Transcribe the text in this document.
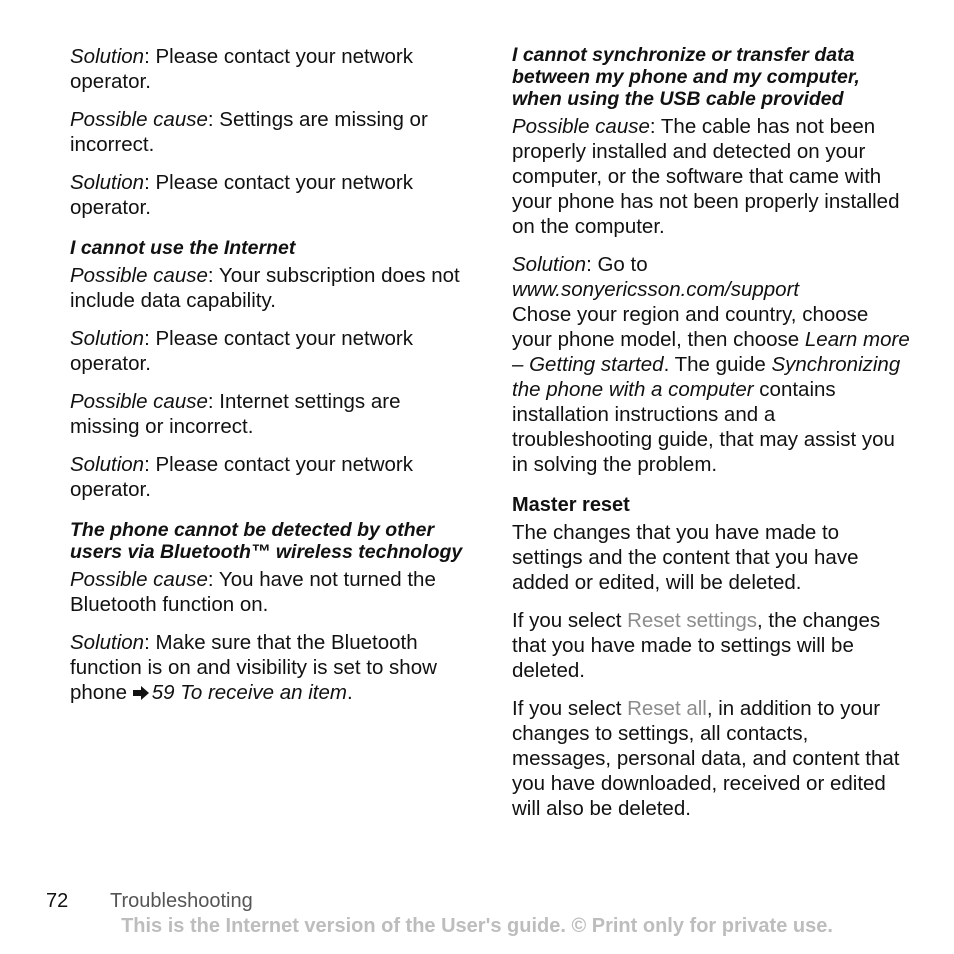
Solution: Please contact your network operator.

Possible cause: Settings are missing or incorrect.

Solution: Please contact your network operator.

I cannot use the Internet

Possible cause: Your subscription does not include data capability.

Solution: Please contact your network operator.

Possible cause: Internet settings are missing or incorrect.

Solution: Please contact your network operator.

The phone cannot be detected by other users via Bluetooth™ wireless technology

Possible cause: You have not turned the Bluetooth function on.

Solution: Make sure that the Bluetooth function is on and visibility is set to show phone 59 To receive an item.

I cannot synchronize or transfer data between my phone and my computer, when using the USB cable provided

Possible cause: The cable has not been properly installed and detected on your computer, or the software that came with your phone has not been properly installed on the computer.

Solution: Go to
www.sonyericsson.com/support
Chose your region and country, choose your phone model, then choose Learn more – Getting started. The guide Synchronizing the phone with a computer contains installation instructions and a troubleshooting guide, that may assist you in solving the problem.

Master reset

The changes that you have made to settings and the content that you have added or edited, will be deleted.

If you select Reset settings, the changes that you have made to settings will be deleted.

If you select Reset all, in addition to your changes to settings, all contacts, messages, personal data, and content that you have downloaded, received or edited will also be deleted.

72 Troubleshooting
This is the Internet version of the User's guide. © Print only for private use.
